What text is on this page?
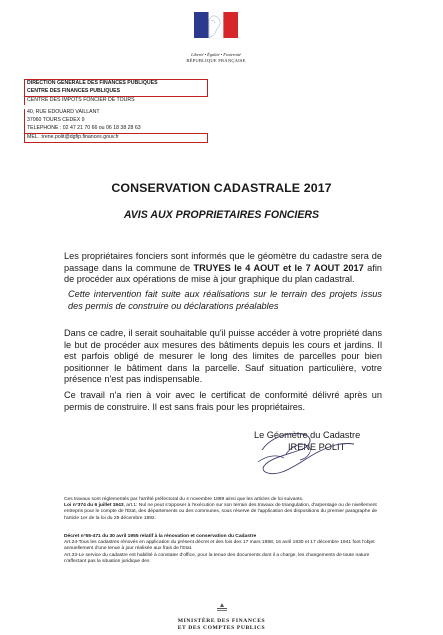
Liberté • Égalité • Fraternité
RÉPUBLIQUE FRANÇAISE
DIRECTION GÉNÉRALE DES FINANCES PUBLIQUES
CENTRE DES FINANCES PUBLIQUES
CENTRE DES IMPÔTS FONCIER DE TOURS
40, RUE EDOUARD VAILLANT
37060 TOURS CEDEX 9
TÉLÉPHONE : 02 47 21 70 66 ou 06 18 38 28 63
MÉL. :irene.polit@dgfip.finances.gouv.fr
CONSERVATION CADASTRALE 2017
AVIS AUX PROPRIETAIRES FONCIERS
Les propriétaires fonciers sont informés que le géomètre du cadastre sera de passage dans la commune de TRUYES le 4 AOUT et le 7 AOUT 2017 afin de procéder aux opérations de mise à jour graphique du plan cadastral.
Cette intervention fait suite aux réalisations sur le terrain des projets issus des permis de construire ou déclarations préalables
Dans ce cadre, il serait souhaitable qu'il puisse accéder à votre propriété dans le but de procéder aux mesures des bâtiments depuis les cours et jardins. Il est parfois obligé de mesurer le long des limites de parcelles pour bien positionner le bâtiment dans la parcelle. Sauf situation particulière, votre présence n'est pas indispensable.
Ce travail n'a rien à voir avec le certificat de conformité délivré après un permis de construire. Il est sans frais pour les propriétaires.
Le Géomètre du Cadastre
IRENE POLIT
Ces travaux sont réglementés par l'arrêté préfectoral du 4 novembre 1899 ainsi que les articles de loi suivants.
Loi n°374 du 6 juillet 1943, art.1: Nul ne peut s'opposer à l'exécution sur son terrain des travaux de triangulation, d'arpentage ou de nivellement entrepris pour le compte de l'Etat, des départements ou des communes, sous réserve de l'application des dispositions du premier paragraphe de l'article 1er de la loi du 29 décembre 1892.
Décret n°55-471 du 30 avril 1955 relatif à la rénovation et conservation du Cadastre
Art.24-Tous les cadastres rénovés en application du présent décret et des lois des 17 mars 1898, 16 avril 1930 et 17 décembre 1941 font l'objet annuellement d'une tenue à jour réalisée aux frais de l'Etat.
Art.33-Le service du cadastre est habilité à constater d'office, pour la tenue des documents dont il a charge, les changements de toute nature n'affectant pas la situation juridique des
MINISTÈRE DES FINANCES
ET DES COMPTES PUBLICS
